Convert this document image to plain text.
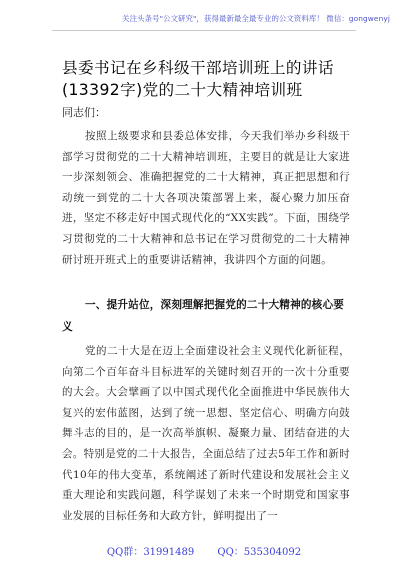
关注头条号"公文研究"，获得最新最全最专业的公文资料库！ 微信：gongwenyj
县委书记在乡科级干部培训班上的讲话
(13392字)党的二十大精神培训班
同志们：
按照上级要求和县委总体安排，今天我们举办乡科级干部学习贯彻党的二十大精神培训班，主要目的就是让大家进一步深刻领会、准确把握党的二十大精神，真正把思想和行动统一到党的二十大各项决策部署上来，凝心聚力加压奋进，坚定不移走好中国式现代化的“XX实践”。下面，围绕学习贯彻党的二十大精神和总书记在学习贯彻党的二十大精神研讨班开班式上的重要讲话精神，我讲四个方面的问题。
一、提升站位，深刻理解把握党的二十大精神的核心要义
党的二十大是在迈上全面建设社会主义现代化新征程，向第二个百年奋斗目标进军的关键时刻召开的一次十分重要的大会。大会擘画了以中国式现代化全面推进中华民族伟大复兴的宏伟蓝图，达到了统一思想、坚定信心、明确方向鼓舞斗志的目的，是一次高举旗帜、凝聚力量、团结奋进的大会。特别是党的二十大报告，全面总结了过去5年工作和新时代10年的伟大变革，系统阐述了新时代建设和发展社会主义重大理论和实践问题，科学谋划了未来一个时期党和国家事业发展的目标任务和大政方针，鲜明提出了一
QQ群：31991489 QQ：535304092
